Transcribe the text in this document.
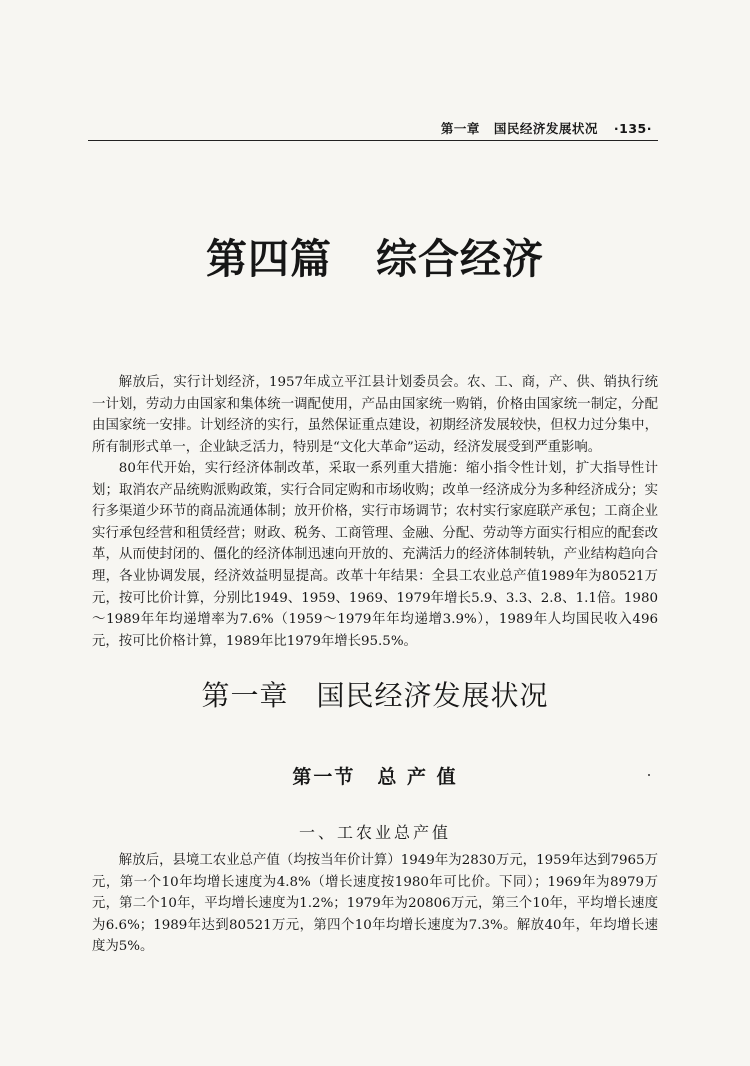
第一章 国民经济发展状况 ·135·
第四篇 综合经济

解放后，实行计划经济，1957年成立平江县计划委员会。农、工、商，产、供、销执行统一计划，劳动力由国家和集体统一调配使用，产品由国家统一购销，价格由国家统一制定，分配由国家统一安排。计划经济的实行，虽然保证重点建设，初期经济发展较快，但权力过分集中，所有制形式单一，企业缺乏活力，特别是“文化大革命”运动，经济发展受到严重影响。

80年代开始，实行经济体制改革，采取一系列重大措施：缩小指令性计划，扩大指导性计划；取消农产品统购派购政策，实行合同定购和市场收购；改单一经济成分为多种经济成分；实行多渠道少环节的商品流通体制；放开价格，实行市场调节；农村实行家庭联产承包；工商企业实行承包经营和租赁经营；财政、税务、工商管理、金融、分配、劳动等方面实行相应的配套改革，从而使封闭的、僵化的经济体制迅速向开放的、充满活力的经济体制转轨，产业结构趋向合理，各业协调发展，经济效益明显提高。改革十年结果：全县工农业总产值1989年为80521万元，按可比价计算，分别比1949、1959、1969、1979年增长5.9、3.3、2.8、1.1倍。1980～1989年年均递增率为7.6%（1959～1979年年均递增3.9%），1989年人均国民收入496元，按可比价格计算，1989年比1979年增长95.5%。

第一章 国民经济发展状况
第一节 总 产 值
一、工农业总产值

解放后，县境工农业总产值（均按当年价计算）1949年为2830万元，1959年达到7965万元，第一个10年均增长速度为4.8%（增长速度按1980年可比价。下同）；1969年为8979万元，第二个10年，平均增长速度为1.2%；1979年为20806万元，第三个10年，平均增长速度为6.6%；1989年达到80521万元，第四个10年均增长速度为7.3%。解放40年，年均增长速度为5%。
